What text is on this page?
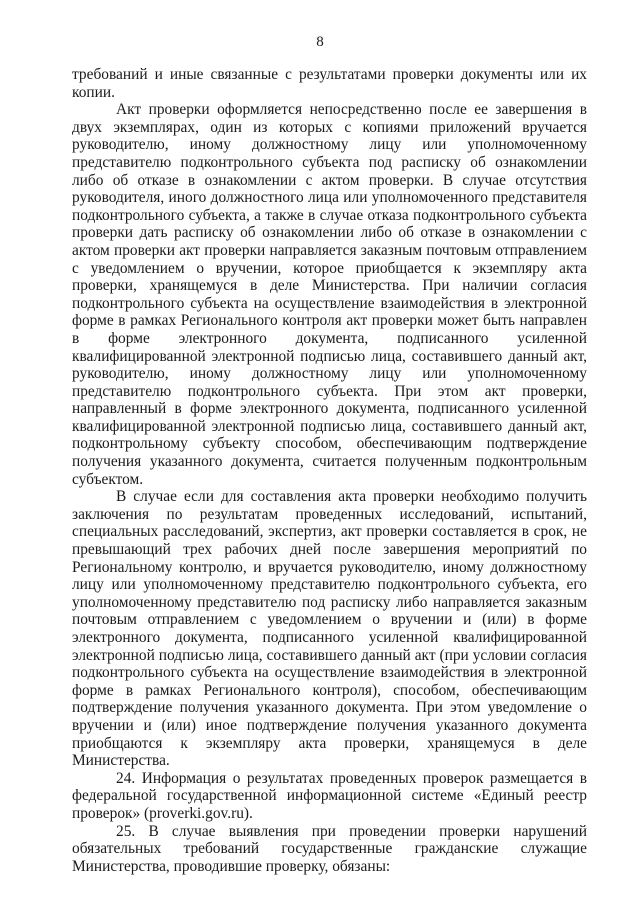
8

требований и иные связанные с результатами проверки документы или их копии.

Акт проверки оформляется непосредственно после ее завершения в двух экземплярах, один из которых с копиями приложений вручается руководителю, иному должностному лицу или уполномоченному представителю подконтрольного субъекта под расписку об ознакомлении либо об отказе в ознакомлении с актом проверки. В случае отсутствия руководителя, иного должностного лица или уполномоченного представителя подконтрольного субъекта, а также в случае отказа подконтрольного субъекта проверки дать расписку об ознакомлении либо об отказе в ознакомлении с актом проверки акт проверки направляется заказным почтовым отправлением с уведомлением о вручении, которое приобщается к экземпляру акта проверки, хранящемуся в деле Министерства. При наличии согласия подконтрольного субъекта на осуществление взаимодействия в электронной форме в рамках Регионального контроля акт проверки может быть направлен в форме электронного документа, подписанного усиленной квалифицированной электронной подписью лица, составившего данный акт, руководителю, иному должностному лицу или уполномоченному представителю подконтрольного субъекта. При этом акт проверки, направленный в форме электронного документа, подписанного усиленной квалифицированной электронной подписью лица, составившего данный акт, подконтрольному субъекту способом, обеспечивающим подтверждение получения указанного документа, считается полученным подконтрольным субъектом.

В случае если для составления акта проверки необходимо получить заключения по результатам проведенных исследований, испытаний, специальных расследований, экспертиз, акт проверки составляется в срок, не превышающий трех рабочих дней после завершения мероприятий по Региональному контролю, и вручается руководителю, иному должностному лицу или уполномоченному представителю подконтрольного субъекта, его уполномоченному представителю под расписку либо направляется заказным почтовым отправлением с уведомлением о вручении и (или) в форме электронного документа, подписанного усиленной квалифицированной электронной подписью лица, составившего данный акт (при условии согласия подконтрольного субъекта на осуществление взаимодействия в электронной форме в рамках Регионального контроля), способом, обеспечивающим подтверждение получения указанного документа. При этом уведомление о вручении и (или) иное подтверждение получения указанного документа приобщаются к экземпляру акта проверки, хранящемуся в деле Министерства.

24. Информация о результатах проведенных проверок размещается в федеральной государственной информационной системе «Единый реестр проверок» (proverki.gov.ru).

25. В случае выявления при проведении проверки нарушений обязательных требований государственные гражданские служащие Министерства, проводившие проверку, обязаны:
